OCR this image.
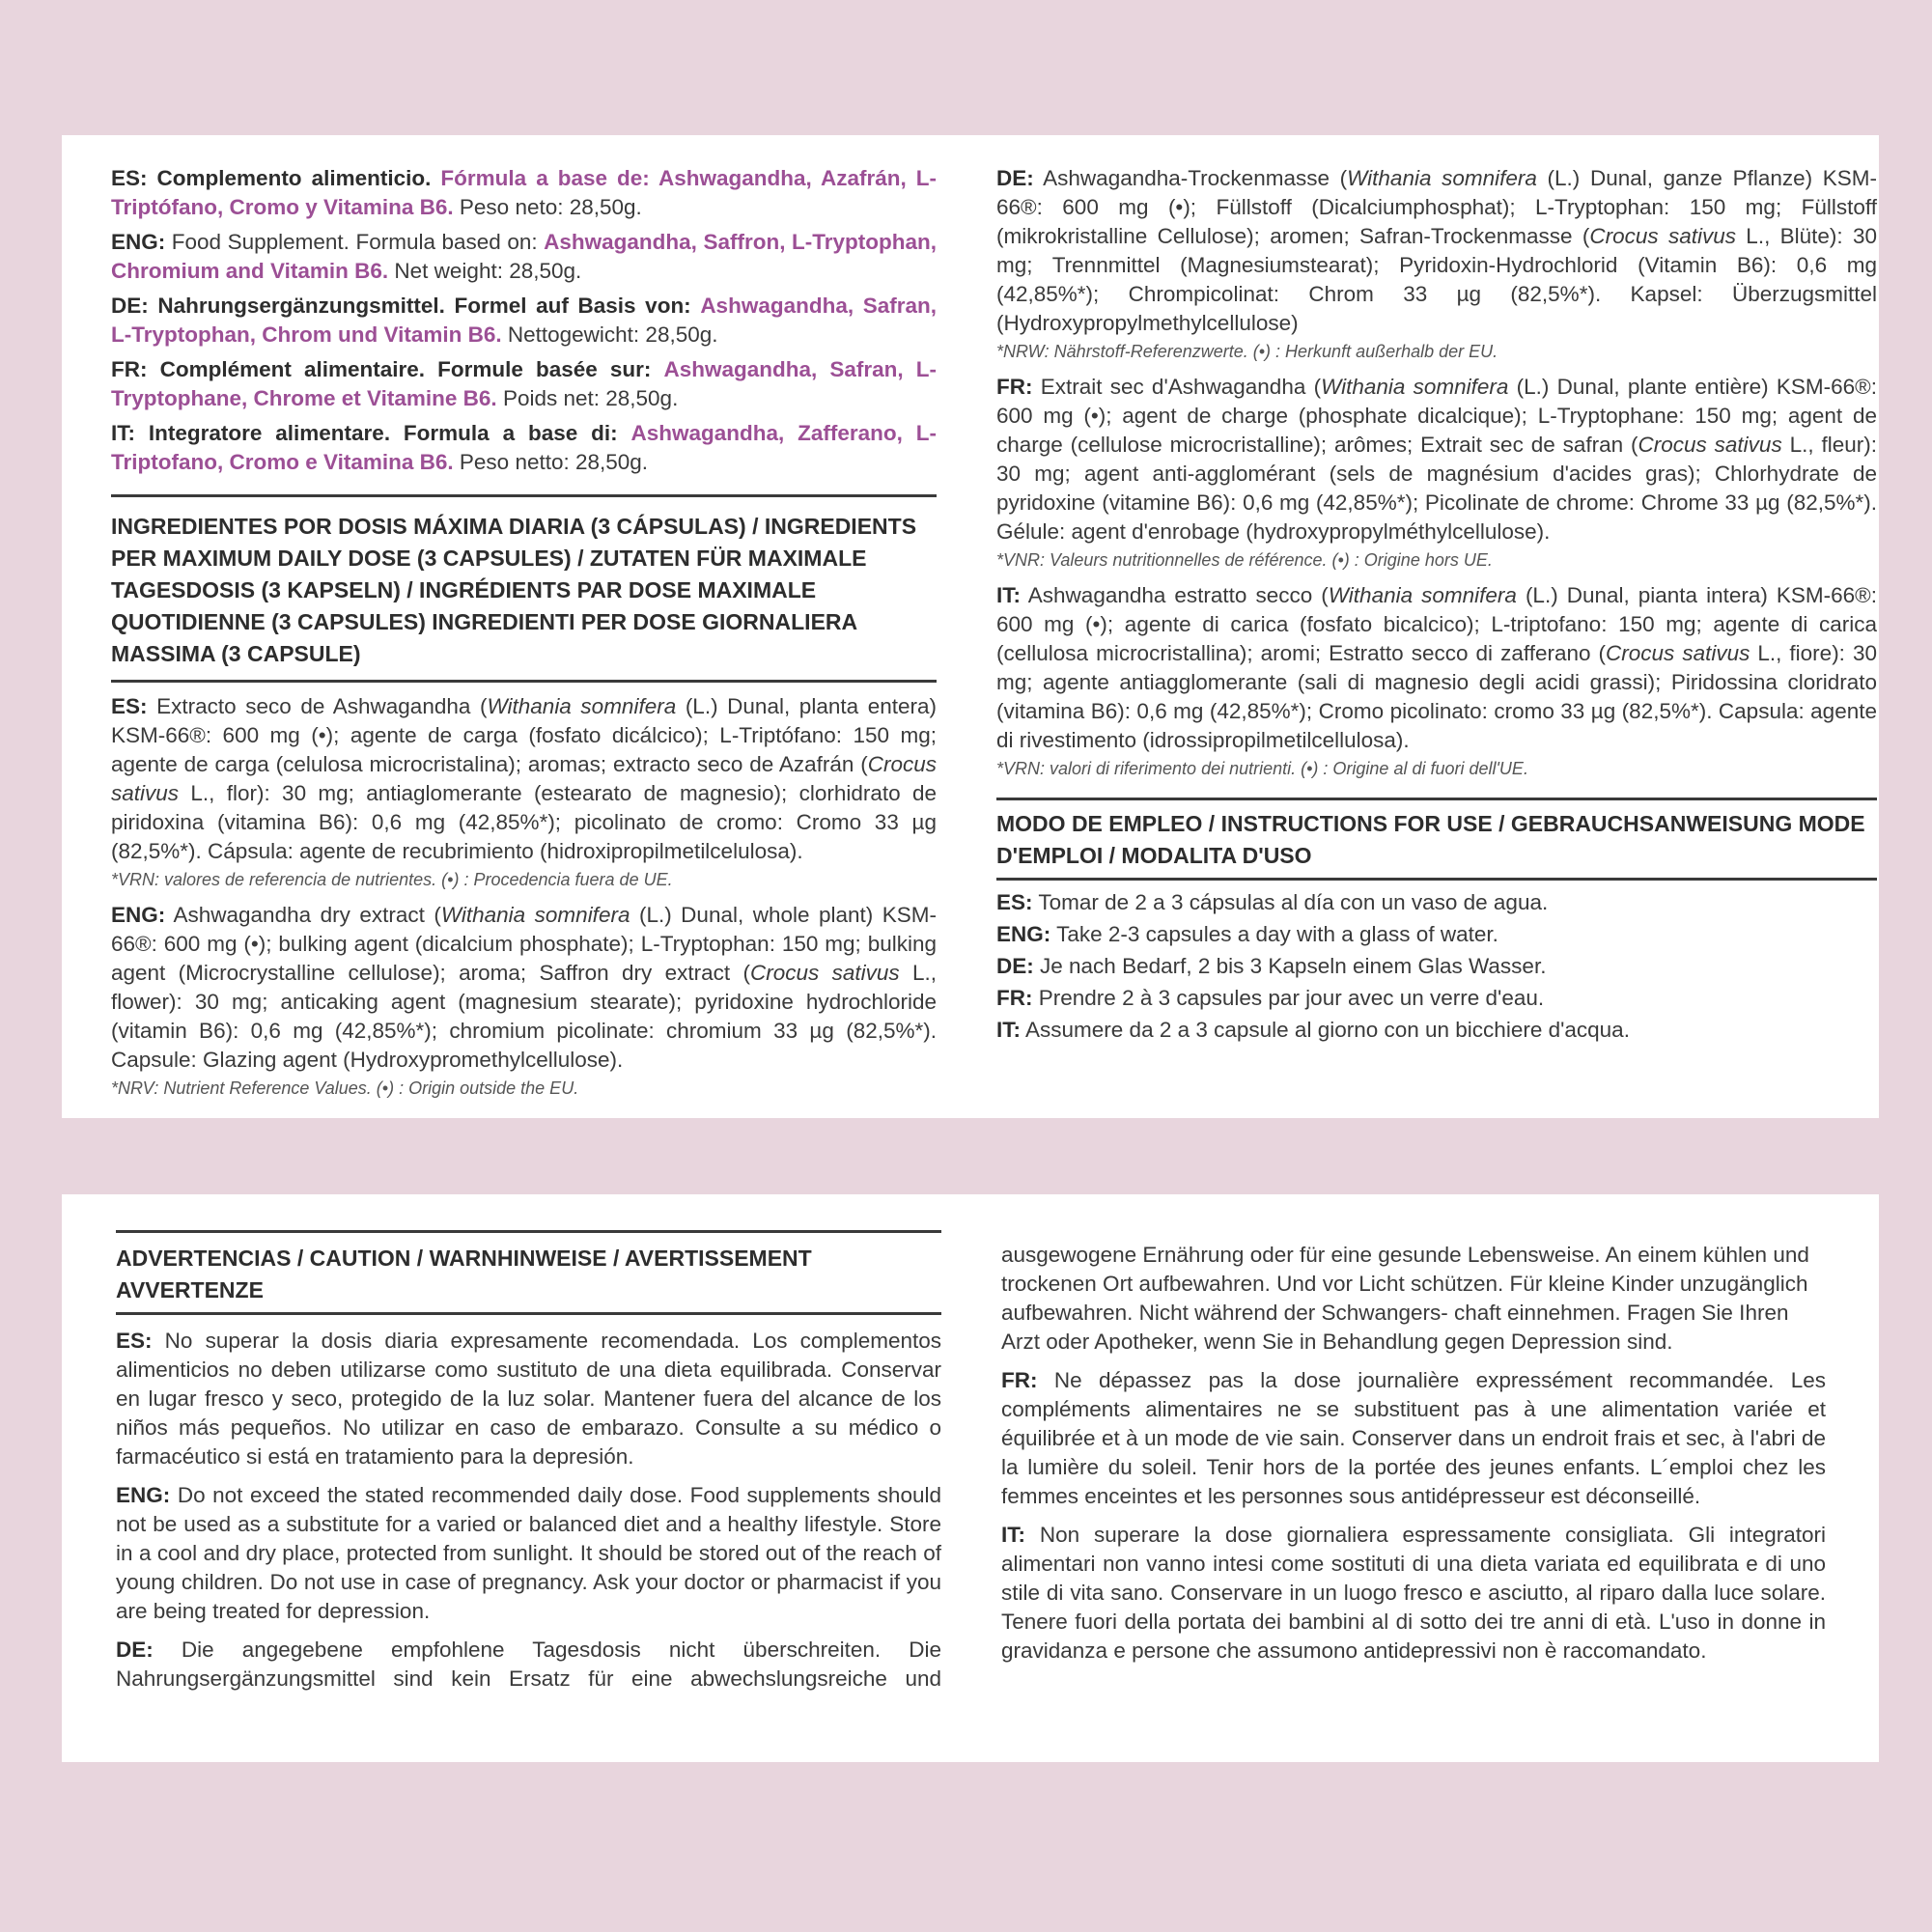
ES: Complemento alimenticio. Fórmula a base de: Ashwagandha, Azafrán, L-Triptófano, Cromo y Vitamina B6. Peso neto: 28,50g.

ENG: Food Supplement. Formula based on: Ashwagandha, Saffron, L-Tryptophan, Chromium and Vitamin B6. Net weight: 28,50g.

DE: Nahrungsergänzungsmittel. Formel auf Basis von: Ashwagandha, Safran, L-Tryptophan, Chrom und Vitamin B6. Nettogewicht: 28,50g.

FR: Complément alimentaire. Formule basée sur: Ashwagandha, Safran, L-Tryptophane, Chrome et Vitamine B6. Poids net: 28,50g.

IT: Integratore alimentare. Formula a base di: Ashwagandha, Zafferano, L-Triptofano, Cromo e Vitamina B6. Peso netto: 28,50g.

INGREDIENTES POR DOSIS MÁXIMA DIARIA (3 CÁPSULAS) / INGREDIENTS PER MAXIMUM DAILY DOSE (3 CAPSULES) / ZUTATEN FÜR MAXIMALE TAGESDOSIS (3 KAPSELN) / INGRÉDIENTS PAR DOSE MAXIMALE QUOTIDIENNE (3 CAPSULES) INGREDIENTI PER DOSE GIORNALIERA MASSIMA (3 CAPSULE)

ES: Extracto seco de Ashwagandha (Withania somnifera (L.) Dunal, planta entera) KSM-66®: 600 mg (•); agente de carga (fosfato dicálcico); L-Triptófano: 150 mg; agente de carga (celulosa microcristalina); aromas; extracto seco de Azafrán (Crocus sativus L., flor): 30 mg; antiaglomerante (estearato de magnesio); clorhidrato de piridoxina (vitamina B6): 0,6 mg (42,85%*); picolinato de cromo: Cromo 33 µg (82,5%*). Cápsula: agente de recubrimiento (hidroxipropilmetilcelulosa).

*VRN: valores de referencia de nutrientes. (•) : Procedencia fuera de UE.

ENG: Ashwagandha dry extract (Withania somnifera (L.) Dunal, whole plant) KSM-66®: 600 mg (•); bulking agent (dicalcium phosphate); L-Tryptophan: 150 mg; bulking agent (Microcrystalline cellulose); aroma; Saffron dry extract (Crocus sativus L., flower): 30 mg; anticaking agent (magnesium stearate); pyridoxine hydrochloride (vitamin B6): 0,6 mg (42,85%*); chromium picolinate: chromium 33 µg (82,5%*). Capsule: Glazing agent (Hydroxypromethylcellulose).

*NRV: Nutrient Reference Values. (•) : Origin outside the EU.

DE: Ashwagandha-Trockenmasse (Withania somnifera (L.) Dunal, ganze Pflanze) KSM-66®: 600 mg (•); Füllstoff (Dicalciumphosphat); L-Tryptophan: 150 mg; Füllstoff (mikrokristalline Cellulose); aromen; Safran-Trockenmasse (Crocus sativus L., Blüte): 30 mg; Trennmittel (Magnesiumstearat); Pyridoxin-Hydrochlorid (Vitamin B6): 0,6 mg (42,85%*); Chrompicolinat: Chrom 33 µg (82,5%*). Kapsel: Überzugsmittel (Hydroxypropylmethylcellulose)

*NRW: Nährstoff-Referenzwerte. (•) : Herkunft außerhalb der EU.

FR: Extrait sec d'Ashwagandha (Withania somnifera (L.) Dunal, plante entière) KSM-66®: 600 mg (•); agent de charge (phosphate dicalcique); L-Tryptophane: 150 mg; agent de charge (cellulose microcristalline); arômes; Extrait sec de safran (Crocus sativus L., fleur): 30 mg; agent anti-agglomérant (sels de magnésium d'acides gras); Chlorhydrate de pyridoxine (vitamine B6): 0,6 mg (42,85%*); Picolinate de chrome: Chrome 33 µg (82,5%*). Gélule: agent d'enrobage (hydroxypropylméthylcellulose).

*VNR: Valeurs nutritionnelles de référence. (•) : Origine hors UE.

IT: Ashwagandha estratto secco (Withania somnifera (L.) Dunal, pianta intera) KSM-66®: 600 mg (•); agente di carica (fosfato bicalcico); L-triptofano: 150 mg; agente di carica (cellulosa microcristallina); aromi; Estratto secco di zafferano (Crocus sativus L., fiore): 30 mg; agente antiagglomerante (sali di magnesio degli acidi grassi); Piridossina cloridrato (vitamina B6): 0,6 mg (42,85%*); Cromo picolinato: cromo 33 µg (82,5%*). Capsula: agente di rivestimento (idrossipropilmetilcellulosa).

*VRN: valori di riferimento dei nutrienti. (•) : Origine al di fuori dell'UE.

MODO DE EMPLEO / INSTRUCTIONS FOR USE / GEBRAUCHSANWEISUNG MODE D'EMPLOI / MODALITA D'USO
ES: Tomar de 2 a 3 cápsulas al día con un vaso de agua.
ENG: Take 2-3 capsules a day with a glass of water.
DE: Je nach Bedarf, 2 bis 3 Kapseln einem Glas Wasser.
FR: Prendre 2 à 3 capsules par jour avec un verre d'eau.
IT: Assumere da 2 a 3 capsule al giorno con un bicchiere d'acqua.
ADVERTENCIAS / CAUTION / WARNHINWEISE / AVERTISSEMENT AVVERTENZE

ES: No superar la dosis diaria expresamente recomendada. Los complementos alimenticios no deben utilizarse como sustituto de una dieta equilibrada. Conservar en lugar fresco y seco, protegido de la luz solar. Mantener fuera del alcance de los niños más pequeños. No utilizar en caso de embarazo. Consulte a su médico o farmacéutico si está en tratamiento para la depresión.

ENG: Do not exceed the stated recommended daily dose. Food supplements should not be used as a substitute for a varied or balanced diet and a healthy lifestyle. Store in a cool and dry place, protected from sunlight. It should be stored out of the reach of young children. Do not use in case of pregnancy. Ask your doctor or pharmacist if you are being treated for depression.

DE: Die angegebene empfohlene Tagesdosis nicht überschreiten. Die Nahrungsergänzungsmittel sind kein Ersatz für eine abwechslungsreiche und

ausgewogene Ernährung oder für eine gesunde Lebensweise. An einem kühlen und trockenen Ort aufbewahren. Und vor Licht schützen. Für kleine Kinder unzugänglich aufbewahren. Nicht während der Schwangers- chaft einnehmen. Fragen Sie Ihren Arzt oder Apotheker, wenn Sie in Behandlung gegen Depression sind.

FR: Ne dépassez pas la dose journalière expressément recommandée. Les compléments alimentaires ne se substituent pas à une alimentation variée et équilibrée et à un mode de vie sain. Conserver dans un endroit frais et sec, à l'abri de la lumière du soleil. Tenir hors de la portée des jeunes enfants. L´emploi chez les femmes enceintes et les personnes sous antidépresseur est déconseillé.

IT: Non superare la dose giornaliera espressamente consigliata. Gli integratori alimentari non vanno intesi come sostituti di una dieta variata ed equilibrata e di uno stile di vita sano. Conservare in un luogo fresco e asciutto, al riparo dalla luce solare. Tenere fuori della portata dei bambini al di sotto dei tre anni di età. L'uso in donne in gravidanza e persone che assumono antidepressivi non è raccomandato.
